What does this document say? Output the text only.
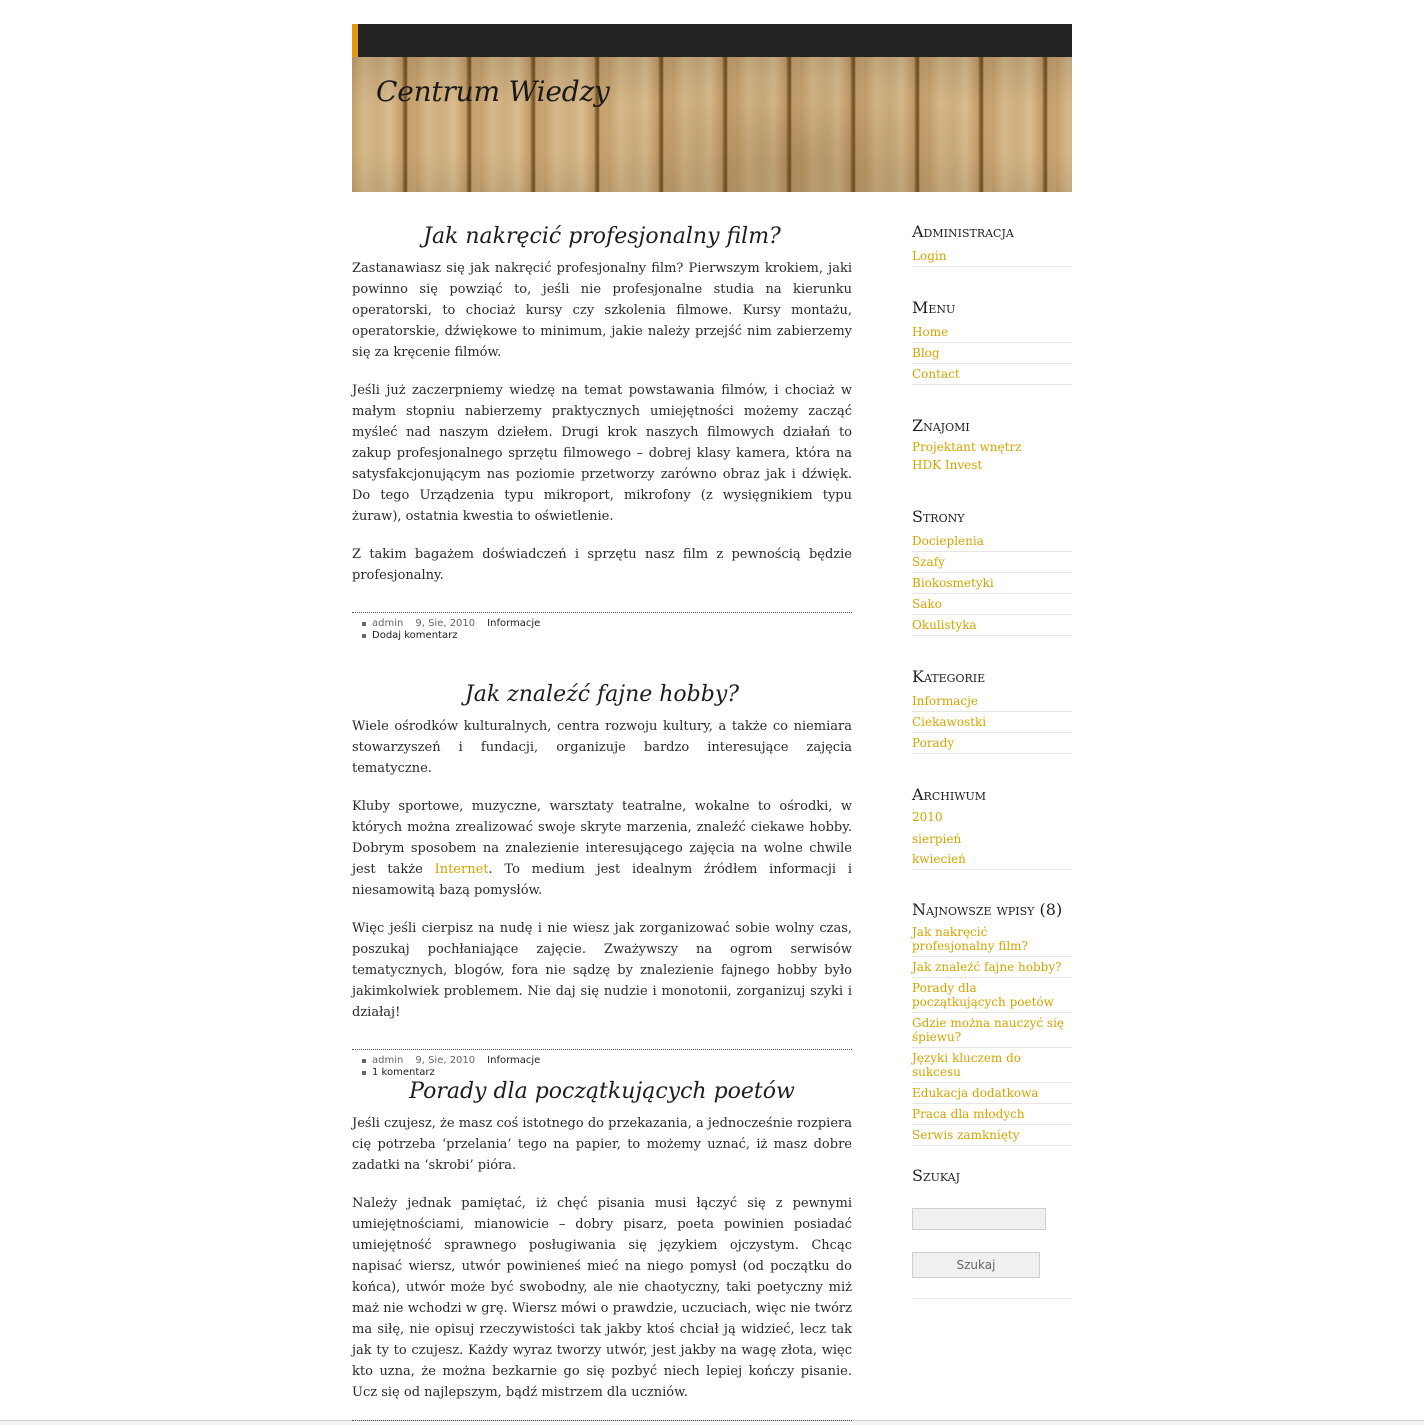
Centrum Wiedzy
Jak nakręcić profesjonalny film?

Zastanawiasz się jak nakręcić profesjonalny film? Pierwszym krokiem, jaki powinno się powziąć to, jeśli nie profesjonalne studia na kierunku operatorski, to chociaż kursy czy szkolenia filmowe. Kursy montażu, operatorskie, dźwiękowe to minimum, jakie należy przejść nim zabierzemy się za kręcenie filmów.

Jeśli już zaczerpniemy wiedzę na temat powstawania filmów, i chociaż w małym stopniu nabierzemy praktycznych umiejętności możemy zacząć myśleć nad naszym dziełem. Drugi krok naszych filmowych działań to zakup profesjonalnego sprzętu filmowego – dobrej klasy kamera, która na satysfakcjonującym nas poziomie przetworzy zarówno obraz jak i dźwięk. Do tego Urządzenia typu mikroport, mikrofony (z wysięgnikiem typu żuraw), ostatnia kwestia to oświetlenie.

Z takim bagażem doświadczeń i sprzętu nasz film z pewnością będzie profesjonalny.

admin 9, Sie, 2010 Informacje
Dodaj komentarz
Jak znaleźć fajne hobby?

Wiele ośrodków kulturalnych, centra rozwoju kultury, a także co niemiara stowarzyszeń i fundacji, organizuje bardzo interesujące zajęcia tematyczne.

Kluby sportowe, muzyczne, warsztaty teatralne, wokalne to ośrodki, w których można zrealizować swoje skryte marzenia, znaleźć ciekawe hobby. Dobrym sposobem na znalezienie interesującego zajęcia na wolne chwile jest także Internet. To medium jest idealnym źródłem informacji i niesamowitą bazą pomysłów.

Więc jeśli cierpisz na nudę i nie wiesz jak zorganizować sobie wolny czas, poszukaj pochłaniające zajęcie. Zważywszy na ogrom serwisów tematycznych, blogów, fora nie sądzę by znalezienie fajnego hobby było jakimkolwiek problemem. Nie daj się nudzie i monotonii, zorganizuj szyki i działaj!

admin 9, Sie, 2010 Informacje
1 komentarz
Porady dla początkujących poetów

Jeśli czujesz, że masz coś istotnego do przekazania, a jednocześnie rozpiera cię potrzeba ‘przelania’ tego na papier, to możemy uznać, iż masz dobre zadatki na ‘skrobi’ pióra.

Należy jednak pamiętać, iż chęć pisania musi łączyć się z pewnymi umiejętnościami, mianowicie – dobry pisarz, poeta powinien posiadać umiejętność sprawnego posługiwania się językiem ojczystym. Chcąc napisać wiersz, utwór powinieneś mieć na niego pomysł (od początku do końca), utwór może być swobodny, ale nie chaotyczny, taki poetyczny miż maż nie wchodzi w grę. Wiersz mówi o prawdzie, uczuciach, więc nie twórz ma siłę, nie opisuj rzeczywistości tak jakby ktoś chciał ją widzieć, lecz tak jak ty to czujesz. Każdy wyraz tworzy utwór, jest jakby na wagę złota, więc kto uzna, że można bezkarnie go się pozbyć niech lepiej kończy pisanie. Ucz się od najlepszym, bądź mistrzem dla uczniów.

Administracja
Login
Menu
Home
Blog
Contact
Znajomi
Projektant wnętrz
HDK Invest
Strony
Docieplenia
Szafy
Biokosmetyki
Sako
Okulistyka
Kategorie
Informacje
Ciekawostki
Porady
Archiwum
2010
sierpień
kwiecień
Najnowsze wpisy (8)
Jak nakręcić profesjonalny film?
Jak znaleźć fajne hobby?
Porady dla początkujących poetów
Gdzie można nauczyć się śpiewu?
Języki kluczem do sukcesu
Edukacja dodatkowa
Praca dla młodych
Serwis zamknięty
Szukaj
Szukaj
